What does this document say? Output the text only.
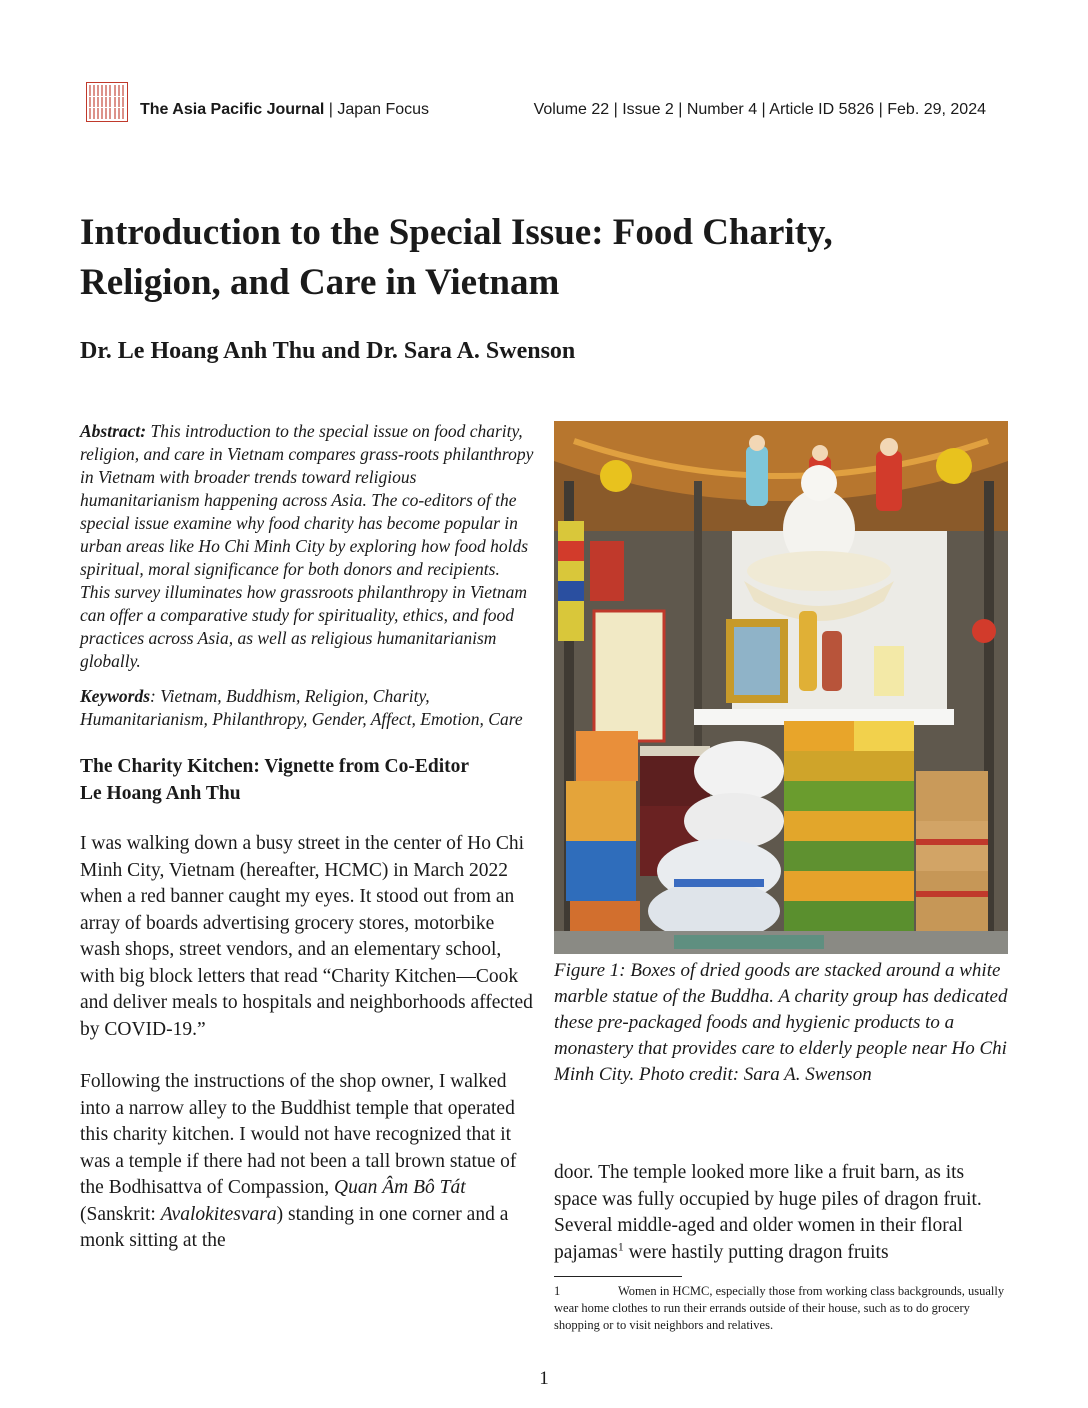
The Asia Pacific Journal | Japan Focus	Volume 22 | Issue 2 | Number 4 | Article ID 5826 | Feb. 29, 2024
Introduction to the Special Issue: Food Charity,
Religion, and Care in Vietnam
Dr. Le Hoang Anh Thu and Dr. Sara A. Swenson

Abstract: This introduction to the special issue on food charity, religion, and care in Vietnam compares grass-roots philanthropy in Vietnam with broader trends toward religious humanitarianism happening across Asia. The co-editors of the special issue examine why food charity has become popular in urban areas like Ho Chi Minh City by exploring how food holds spiritual, moral significance for both donors and recipients. This survey illuminates how grassroots philanthropy in Vietnam can offer a comparative study for spirituality, ethics, and food practices across Asia, as well as religious humanitarianism globally.

Keywords: Vietnam, Buddhism, Religion, Charity, Humanitarianism, Philanthropy, Gender, Affect, Emotion, Care

The Charity Kitchen: Vignette from Co-Editor
Le Hoang Anh Thu

I was walking down a busy street in the center of Ho Chi Minh City, Vietnam (hereafter, HCMC) in March 2022 when a red banner caught my eyes. It stood out from an array of boards advertising grocery stores, motorbike wash shops, street vendors, and an elementary school, with big block letters that read “Charity Kitchen—Cook and deliver meals to hospitals and neighborhoods affected by COVID-19.”

Following the instructions of the shop owner, I walked into a narrow alley to the Buddhist temple that operated this charity kitchen. I would not have recognized that it was a temple if there had not been a tall brown statue of the Bodhisattva of Compassion, Quan Âm Bô Tát (Sanskrit: Avalokitesvara) standing in one corner and a monk sitting at the

Figure 1: Boxes of dried goods are stacked around a white marble statue of the Buddha. A charity group has dedicated these pre-packaged foods and hygienic products to a monastery that provides care to elderly people near Ho Chi Minh City. Photo credit: Sara A. Swenson

door. The temple looked more like a fruit barn, as its space was fully occupied by huge piles of dragon fruit. Several middle-aged and older women in their floral pajamas$^1$ were hastily putting dragon fruits

1	Women in HCMC, especially those from working class backgrounds, usually wear home clothes to run their errands outside of their house, such as to do grocery shopping or to visit neighbors and relatives.

1
